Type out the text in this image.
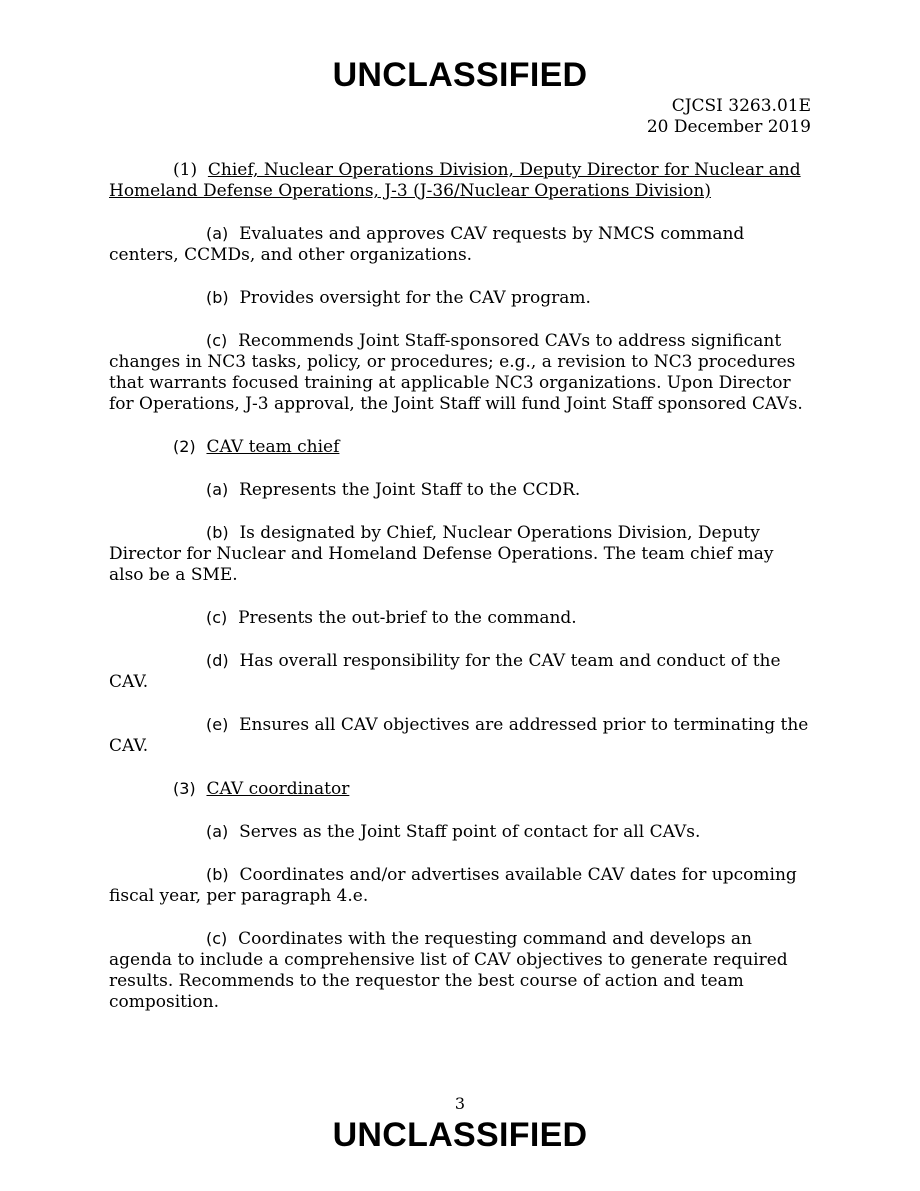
UNCLASSIFIED
CJCSI 3263.01E
20 December 2019

(1) Chief, Nuclear Operations Division, Deputy Director for Nuclear and Homeland Defense Operations, J-3 (J-36/Nuclear Operations Division)

(a) Evaluates and approves CAV requests by NMCS command centers, CCMDs, and other organizations.

(b) Provides oversight for the CAV program.

(c) Recommends Joint Staff-sponsored CAVs to address significant changes in NC3 tasks, policy, or procedures; e.g., a revision to NC3 procedures that warrants focused training at applicable NC3 organizations. Upon Director for Operations, J-3 approval, the Joint Staff will fund Joint Staff sponsored CAVs.

(2) CAV team chief

(a) Represents the Joint Staff to the CCDR.

(b) Is designated by Chief, Nuclear Operations Division, Deputy Director for Nuclear and Homeland Defense Operations. The team chief may also be a SME.

(c) Presents the out-brief to the command.

(d) Has overall responsibility for the CAV team and conduct of the CAV.

(e) Ensures all CAV objectives are addressed prior to terminating the CAV.

(3) CAV coordinator

(a) Serves as the Joint Staff point of contact for all CAVs.

(b) Coordinates and/or advertises available CAV dates for upcoming fiscal year, per paragraph 4.e.

(c) Coordinates with the requesting command and develops an agenda to include a comprehensive list of CAV objectives to generate required results. Recommends to the requestor the best course of action and team composition.

3
UNCLASSIFIED
